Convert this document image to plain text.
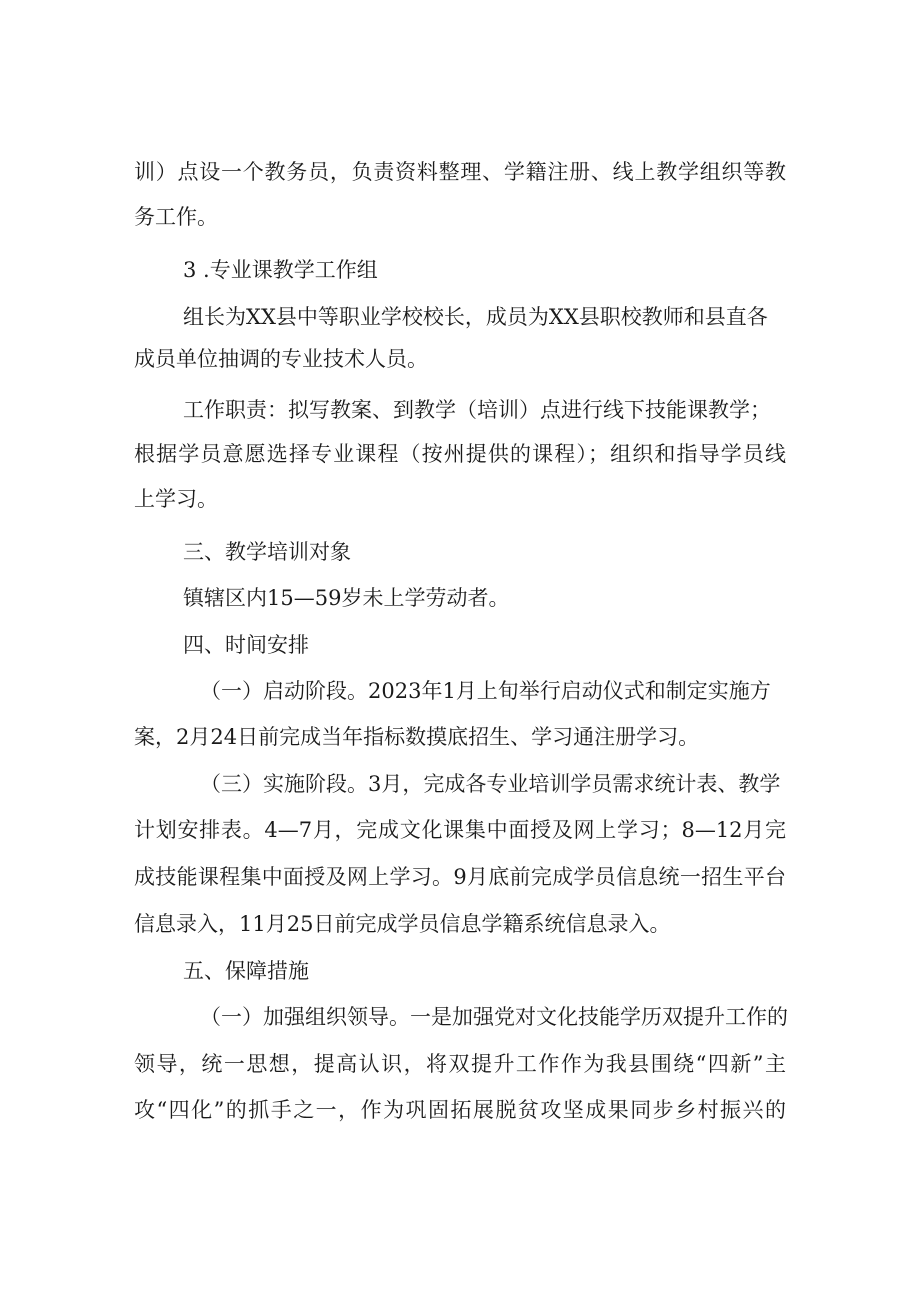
训）点设一个教务员，负责资料整理、学籍注册、线上教学组织等教
务工作。
3 .专业课教学工作组
组长为XX县中等职业学校校长，成员为XX县职校教师和县直各
成员单位抽调的专业技术人员。
工作职责：拟写教案、到教学（培训）点进行线下技能课教学；
根据学员意愿选择专业课程（按州提供的课程）；组织和指导学员线
上学习。
三、教学培训对象
镇辖区内15—59岁未上学劳动者。
四、时间安排
（一）启动阶段。2023年1月上旬举行启动仪式和制定实施方
案，2月24日前完成当年指标数摸底招生、学习通注册学习。
（三）实施阶段。3月，完成各专业培训学员需求统计表、教学
计划安排表。4—7月，完成文化课集中面授及网上学习；8—12月完
成技能课程集中面授及网上学习。9月底前完成学员信息统一招生平台
信息录入，11月25日前完成学员信息学籍系统信息录入。
五、保障措施
（一）加强组织领导。一是加强党对文化技能学历双提升工作的
领导，统一思想，提高认识，将双提升工作作为我县围绕“四新”主
攻“四化”的抓手之一，作为巩固拓展脱贫攻坚成果同步乡村振兴的
